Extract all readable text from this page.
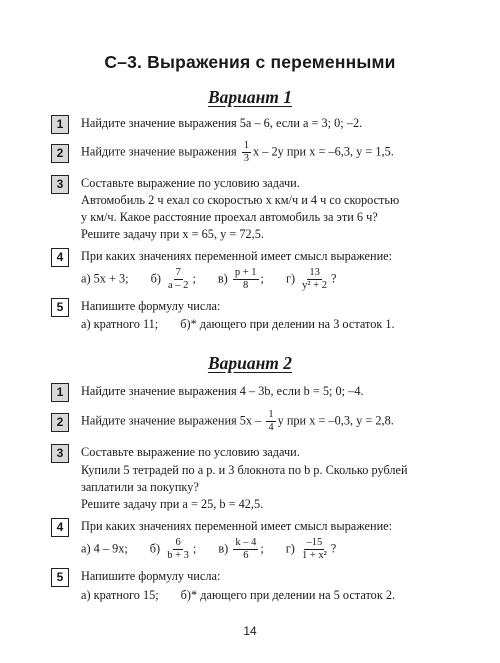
С–3. Выражения с переменными
Вариант 1
1	Найдите значение выражения 5a – 6, если a = 3; 0; –2.
2	Найдите значение выражения $\frac{1}{3}$ x – 2y при x = –6,3, y = 1,5.
3	Составьте выражение по условию задачи.
Автомобиль 2 ч ехал со скоростью x км/ч и 4 ч со скоростью
y км/ч. Какое расстояние проехал автомобиль за эти 6 ч?
Решите задачу при x = 65, y = 72,5.
4	При каких значениях переменной имеет смысл выражение:
а) 5x + 3; $б) \frac{7}{a - 2}$ ; $в) \frac{p + 1}{8}$ ; $г) \frac{13}{\text{y² + 2}}$ ?
5	Напишите формулу числа:
а) кратного 11; б)* дающего при делении на 3 остаток 1.
Вариант 2
1	Найдите значение выражения 4 – 3b, если b = 5; 0; –4.
2	Найдите значение выражения $5x - \frac{1}{4}$ y при x = –0,3, y = 2,8.
3	Составьте выражение по условию задачи.
Купили 5 тетрадей по a р. и 3 блокнота по b р. Сколько рублей
заплатили за покупку?
Решите задачу при a = 25, b = 42,5.
4	При каких значениях переменной имеет смысл выражение:
а) 4 – 9x; $б) \frac{6}{b + 3}$ ; $в) \frac{k - 4}{6}$ ; $г) \frac{-15}{\text{1 + x²}}$ ?
5	Напишите формулу числа:
а) кратного 15; б)* дающего при делении на 5 остаток 2.
14
